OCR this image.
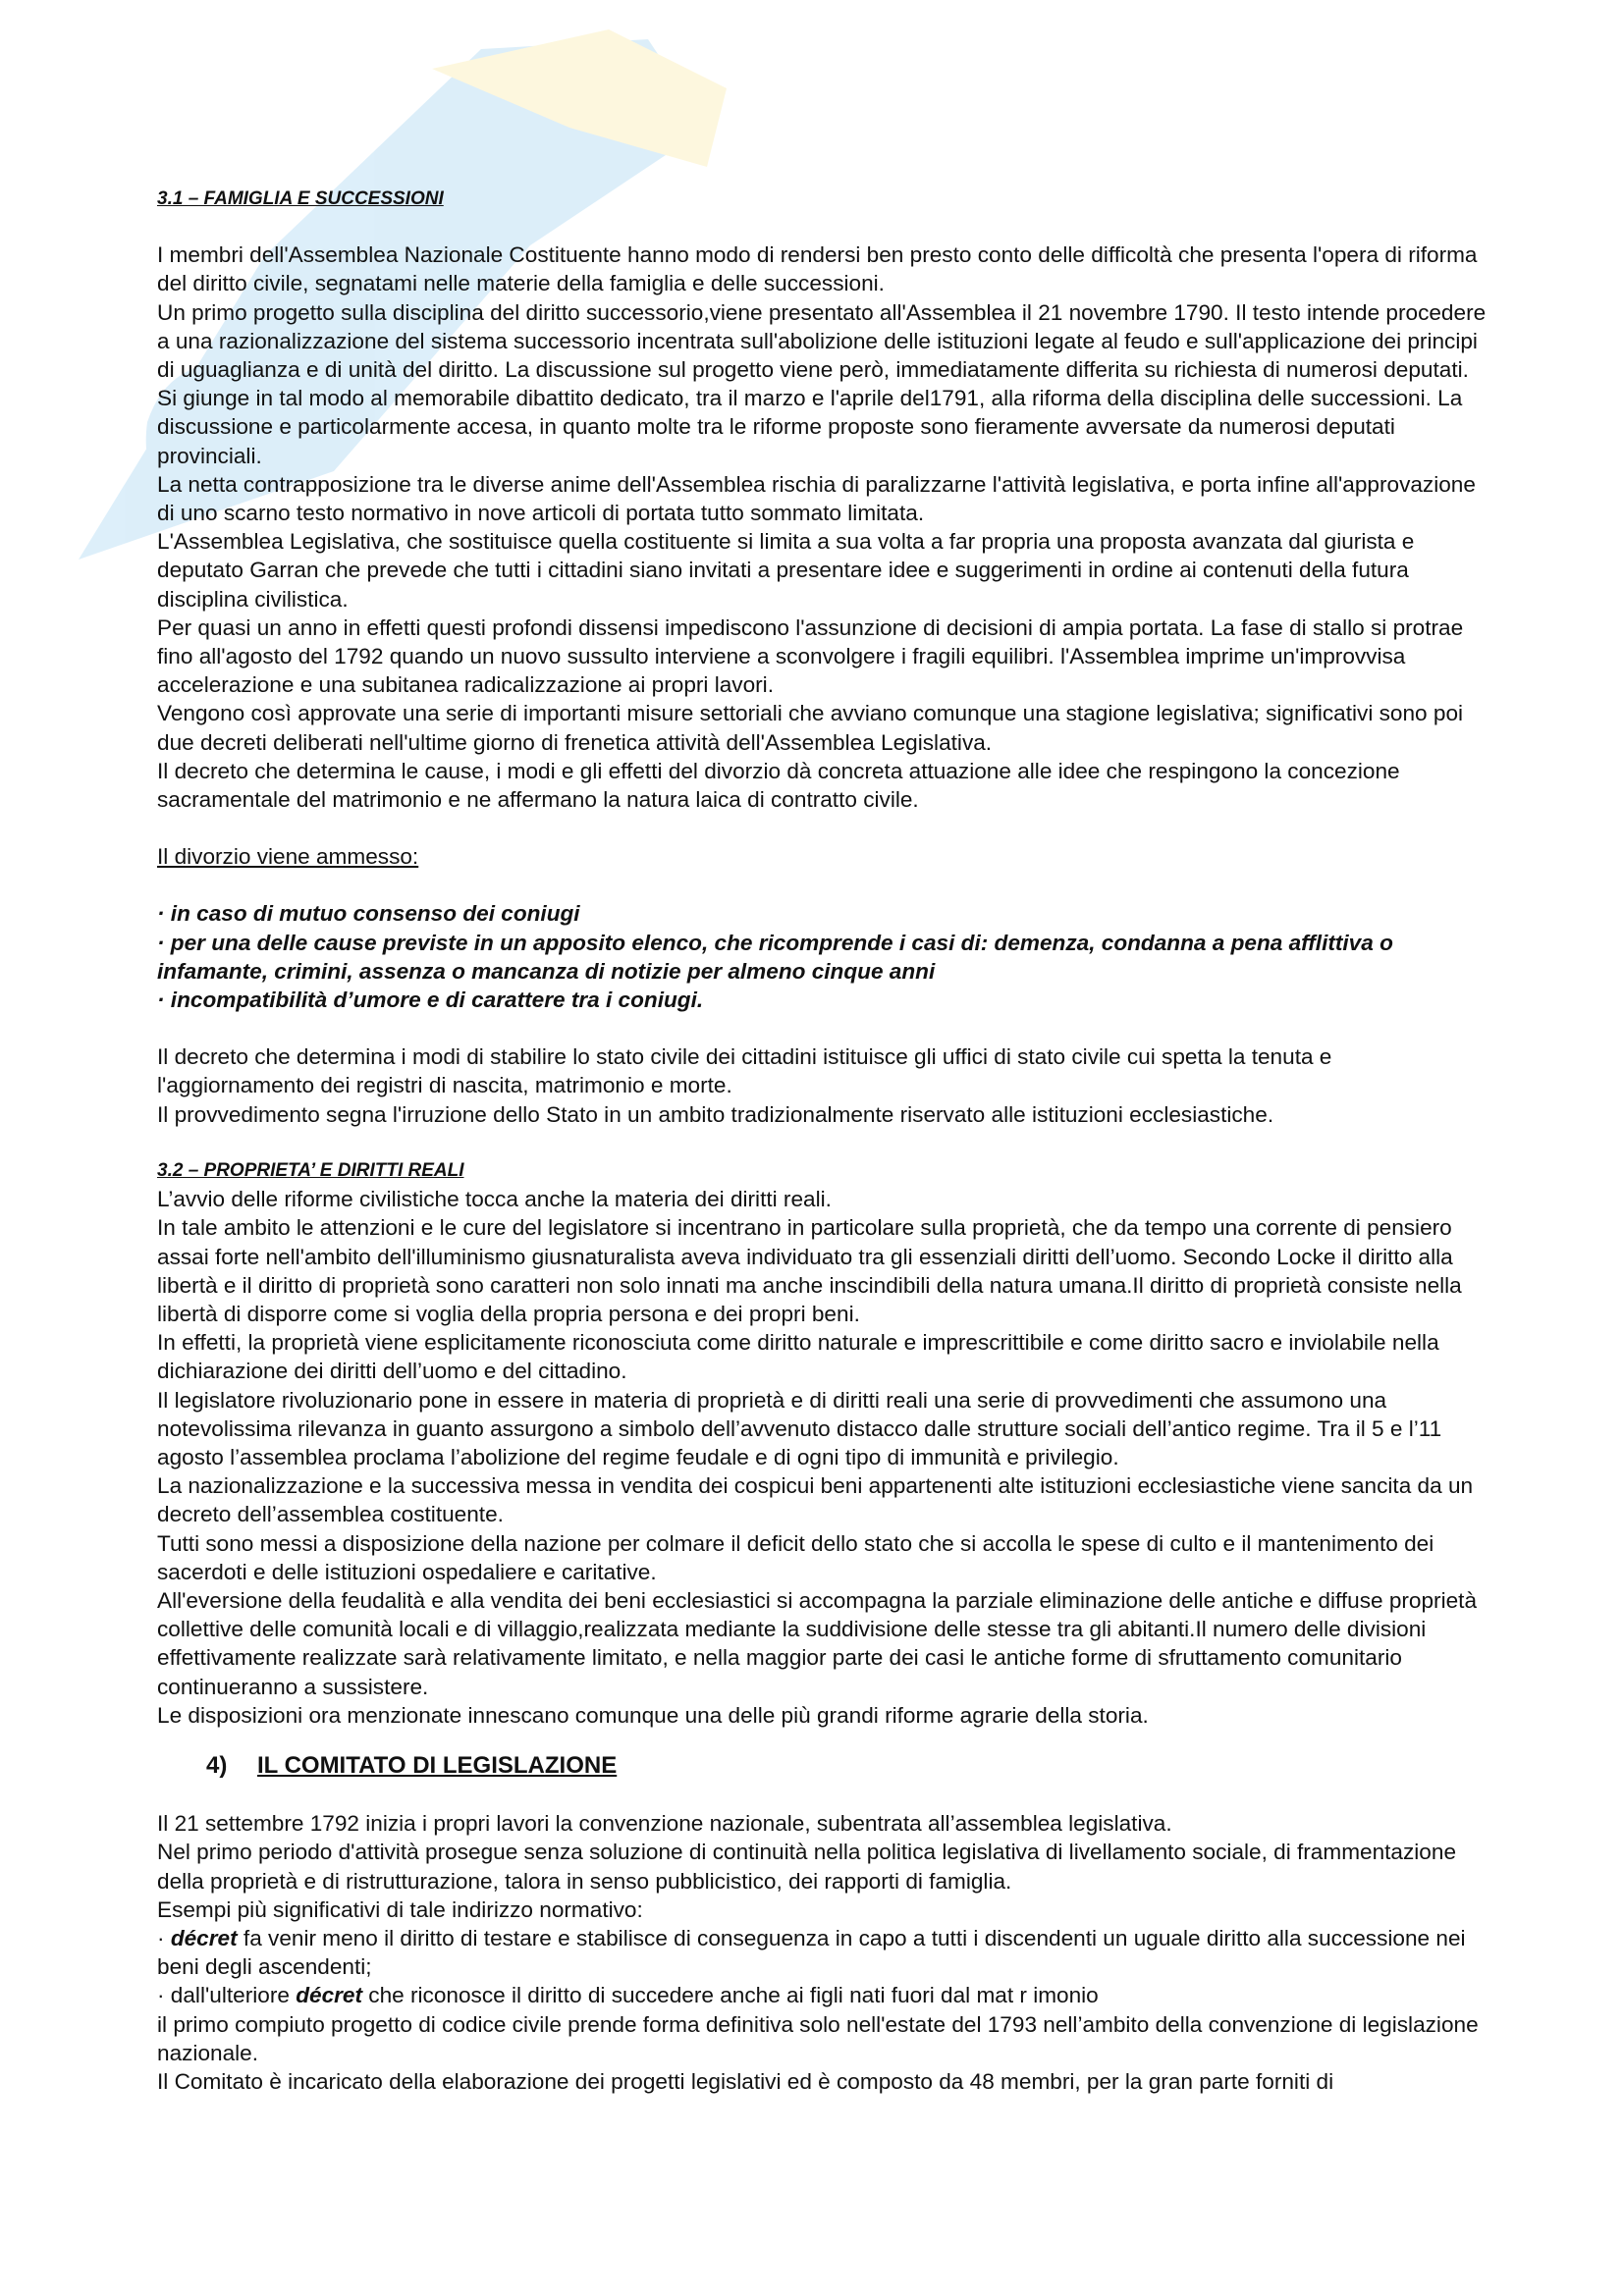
3.1 – FAMIGLIA E SUCCESSIONI

I membri dell'Assemblea Nazionale Costituente hanno modo di rendersi ben presto conto delle difficoltà che presenta l'opera di riforma del diritto civile, segnatami nelle materie della famiglia e delle successioni.

Un primo progetto sulla disciplina del diritto successorio,viene presentato all'Assemblea il 21 novembre 1790. Il testo intende procedere a una razionalizzazione del sistema successorio incentrata sull'abolizione delle istituzioni legate al feudo e sull'applicazione dei principi di uguaglianza e di unità del diritto. La discussione sul progetto viene però, immediatamente differita su richiesta di numerosi deputati.

Si giunge in tal modo al memorabile dibattito dedicato, tra il marzo e l'aprile del1791, alla riforma della disciplina delle successioni. La discussione e particolarmente accesa, in quanto molte tra le riforme proposte sono fieramente avversate da numerosi deputati provinciali.

La netta contrapposizione tra le diverse anime dell'Assemblea rischia di paralizzarne l'attività legislativa, e porta infine all'approvazione di uno scarno testo normativo in nove articoli di portata tutto sommato limitata.

L'Assemblea Legislativa, che sostituisce quella costituente si limita a sua volta a far propria una proposta avanzata dal giurista e deputato Garran che prevede che tutti i cittadini siano invitati a presentare idee e suggerimenti in ordine ai contenuti della futura disciplina civilistica.

Per quasi un anno in effetti questi profondi dissensi impediscono l'assunzione di decisioni di ampia portata. La fase di stallo si protrae fino all'agosto del 1792 quando un nuovo sussulto interviene a sconvolgere i fragili equilibri. l'Assemblea imprime un'improvvisa accelerazione e una subitanea radicalizzazione ai propri lavori.

Vengono così approvate una serie di importanti misure settoriali che avviano comunque una stagione legislativa; significativi sono poi due decreti deliberati nell'ultime giorno di frenetica attività dell'Assemblea Legislativa.

Il decreto che determina le cause, i modi e gli effetti del divorzio dà concreta attuazione alle idee che respingono la concezione sacramentale del matrimonio e ne affermano la natura laica di contratto civile.

Il divorzio viene ammesso:

· in caso di mutuo consenso dei coniugi

· per una delle cause previste in un apposito elenco, che ricomprende i casi di: demenza, condanna a pena afflittiva o

infamante, crimini, assenza o mancanza di notizie per almeno cinque anni

· incompatibilità d’umore e di carattere tra i coniugi.

Il decreto che determina i modi di stabilire lo stato civile dei cittadini istituisce gli uffici di stato civile cui spetta la tenuta e l'aggiornamento dei registri di nascita, matrimonio e morte.

Il provvedimento segna l'irruzione dello Stato in un ambito tradizionalmente riservato alle istituzioni ecclesiastiche.

3.2 – PROPRIETA’ E DIRITTI REALI

L’avvio delle riforme civilistiche tocca anche la materia dei diritti reali.

In tale ambito le attenzioni e le cure del legislatore si incentrano in particolare sulla proprietà, che da tempo una corrente di pensiero assai forte nell'ambito dell'illuminismo giusnaturalista aveva individuato tra gli essenziali diritti dell’uomo. Secondo Locke il diritto alla libertà e il diritto di proprietà sono caratteri non solo innati ma anche inscindibili della natura umana.Il diritto di proprietà consiste nella libertà di disporre come si voglia della propria persona e dei propri beni.

In effetti, la proprietà viene esplicitamente riconosciuta come diritto naturale e imprescrittibile e come diritto sacro e inviolabile nella dichiarazione dei diritti dell’uomo e del cittadino.

Il legislatore rivoluzionario pone in essere in materia di proprietà e di diritti reali una serie di provvedimenti che assumono una notevolissima rilevanza in guanto assurgono a simbolo dell’avvenuto distacco dalle strutture sociali dell’antico regime. Tra il 5 e l’11 agosto l’assemblea proclama l’abolizione del regime feudale e di ogni tipo di immunità e privilegio.

La nazionalizzazione e la successiva messa in vendita dei cospicui beni appartenenti alte istituzioni ecclesiastiche viene sancita da un decreto dell’assemblea costituente.

Tutti sono messi a disposizione della nazione per colmare il deficit dello stato che si accolla le spese di culto e il mantenimento dei sacerdoti e delle istituzioni ospedaliere e caritative.

All'eversione della feudalità e alla vendita dei beni ecclesiastici si accompagna la parziale eliminazione delle antiche e diffuse proprietà collettive delle comunità locali e di villaggio,realizzata mediante la suddivisione delle stesse tra gli abitanti.Il numero delle divisioni effettivamente realizzate sarà relativamente limitato, e nella maggior parte dei casi le antiche forme di sfruttamento comunitario continueranno a sussistere.

Le disposizioni ora menzionate innescano comunque una delle più grandi riforme agrarie della storia.

4) IL COMITATO DI LEGISLAZIONE

Il 21 settembre 1792 inizia i propri lavori la convenzione nazionale, subentrata all’assemblea legislativa.

Nel primo periodo d'attività prosegue senza soluzione di continuità nella politica legislativa di livellamento sociale, di frammentazione della proprietà e di ristrutturazione, talora in senso pubblicistico, dei rapporti di famiglia.

Esempi più significativi di tale indirizzo normativo:

· décret fa venir meno il diritto di testare e stabilisce di conseguenza in capo a tutti i discendenti un uguale diritto alla successione nei beni degli ascendenti;

· dall'ulteriore décret che riconosce il diritto di succedere anche ai figli nati fuori dal mat r imonio

il primo compiuto progetto di codice civile prende forma definitiva solo nell'estate del 1793 nell’ambito della convenzione di legislazione nazionale.

Il Comitato è incaricato della elaborazione dei progetti legislativi ed è composto da 48 membri, per la gran parte forniti di
